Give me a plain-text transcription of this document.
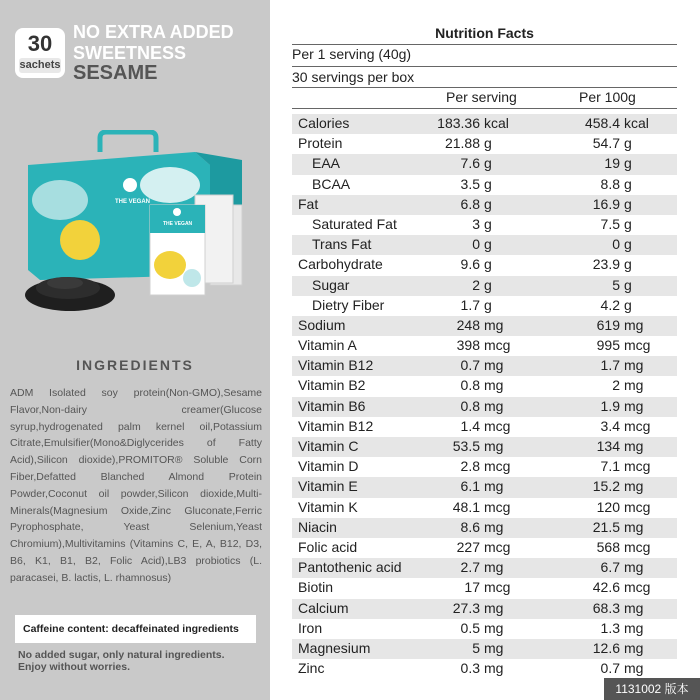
30
sachets
NO EXTRA ADDED
SWEETNESS
SESAME
THE VEGAN
THE VEGAN
INGREDIENTS
ADM Isolated soy protein(Non-GMO),Sesame Flavor,Non-dairy creamer(Glucose syrup,hydrogenated palm kernel oil,Potassium Citrate,Emulsifier(Mono&Diglycerides of Fatty Acid),Silicon dioxide),PROMITOR® Soluble Corn Fiber,Defatted Blanched Almond Protein Powder,Coconut oil powder,Silicon dioxide,Multi-Minerals(Magnesium Oxide,Zinc Gluconate,Ferric Pyrophosphate, Yeast Selenium,Yeast Chromium),Multivitamins (Vitamins C, E, A, B12, D3, B6, K1, B1, B2, Folic Acid),LB3 probiotics (L. paracasei, B. lactis, L. rhamnosus)
Caffeine content: decaffeinated ingredients
No added sugar, only natural ingredients.
Enjoy without worries.
Nutrition Facts
Per 1 serving (40g)
30 servings per box
Per serving	Per 100g
Calories	183.36 kcal	458.4 kcal
Protein	21.88 g	54.7 g
EAA	7.6 g	19 g
BCAA	3.5 g	8.8 g
Fat	6.8 g	16.9 g
Saturated Fat	3 g	7.5 g
Trans Fat	0 g	0 g
Carbohydrate	9.6 g	23.9 g
Sugar	2 g	5 g
Dietry Fiber	1.7 g	4.2 g
Sodium	248 mg	619 mg
Vitamin A	398 mcg	995 mcg
Vitamin B12	0.7 mg	1.7 mg
Vitamin B2	0.8 mg	2 mg
Vitamin B6	0.8 mg	1.9 mg
Vitamin B12	1.4 mcg	3.4 mcg
Vitamin C	53.5 mg	134 mg
Vitamin D	2.8 mcg	7.1 mcg
Vitamin E	6.1 mg	15.2 mg
Vitamin K	48.1 mcg	120 mcg
Niacin	8.6 mg	21.5 mg
Folic acid	227 mcg	568 mcg
Pantothenic acid	2.7 mg	6.7 mg
Biotin	17 mcg	42.6 mcg
Calcium	27.3 mg	68.3 mg
Iron	0.5 mg	1.3 mg
Magnesium	5 mg	12.6 mg
Zinc	0.3 mg	0.7 mg
1131002 版本
